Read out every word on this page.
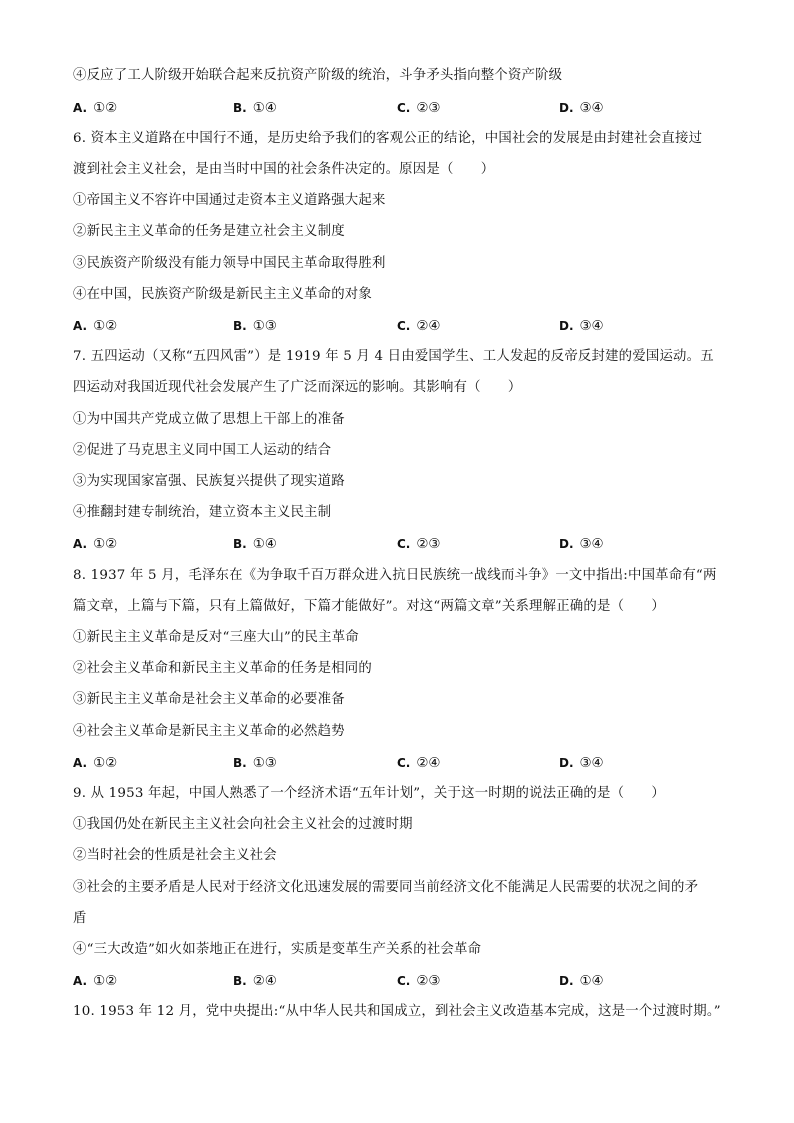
④反应了工人阶级开始联合起来反抗资产阶级的统治，斗争矛头指向整个资产阶级
A. ①②	B. ①④	C. ②③	D. ③④
6. 资本主义道路在中国行不通，是历史给予我们的客观公正的结论，中国社会的发展是由封建社会直接过
渡到社会主义社会，是由当时中国的社会条件决定的。原因是（　　）
①帝国主义不容许中国通过走资本主义道路强大起来
②新民主主义革命的任务是建立社会主义制度
③民族资产阶级没有能力领导中国民主革命取得胜利
④在中国，民族资产阶级是新民主主义革命的对象
A. ①②	B. ①③	C. ②④	D. ③④
7. 五四运动（又称“五四风雷”）是 1919 年 5 月 4 日由爱国学生、工人发起的反帝反封建的爱国运动。五
四运动对我国近现代社会发展产生了广泛而深远的影响。其影响有（　　）
①为中国共产党成立做了思想上干部上的准备
②促进了马克思主义同中国工人运动的结合
③为实现国家富强、民族复兴提供了现实道路
④推翻封建专制统治，建立资本主义民主制
A. ①②	B. ①④	C. ②③	D. ③④
8. 1937 年 5 月，毛泽东在《为争取千百万群众进入抗日民族统一战线而斗争》一文中指出:中国革命有“两
篇文章，上篇与下篇，只有上篇做好，下篇才能做好”。对这“两篇文章”关系理解正确的是（　　）
①新民主主义革命是反对“三座大山”的民主革命
②社会主义革命和新民主主义革命的任务是相同的
③新民主主义革命是社会主义革命的必要准备
④社会主义革命是新民主主义革命的必然趋势
A. ①②	B. ①③	C. ②④	D. ③④
9. 从 1953 年起，中国人熟悉了一个经济术语“五年计划”，关于这一时期的说法正确的是（　　）
①我国仍处在新民主主义社会向社会主义社会的过渡时期
②当时社会的性质是社会主义社会
③社会的主要矛盾是人民对于经济文化迅速发展的需要同当前经济文化不能满足人民需要的状况之间的矛
盾
④“三大改造”如火如荼地正在进行，实质是变革生产关系的社会革命
A. ①②	B. ②④	C. ②③	D. ①④
10. 1953 年 12 月，党中央提出:“从中华人民共和国成立，到社会主义改造基本完成，这是一个过渡时期。”
